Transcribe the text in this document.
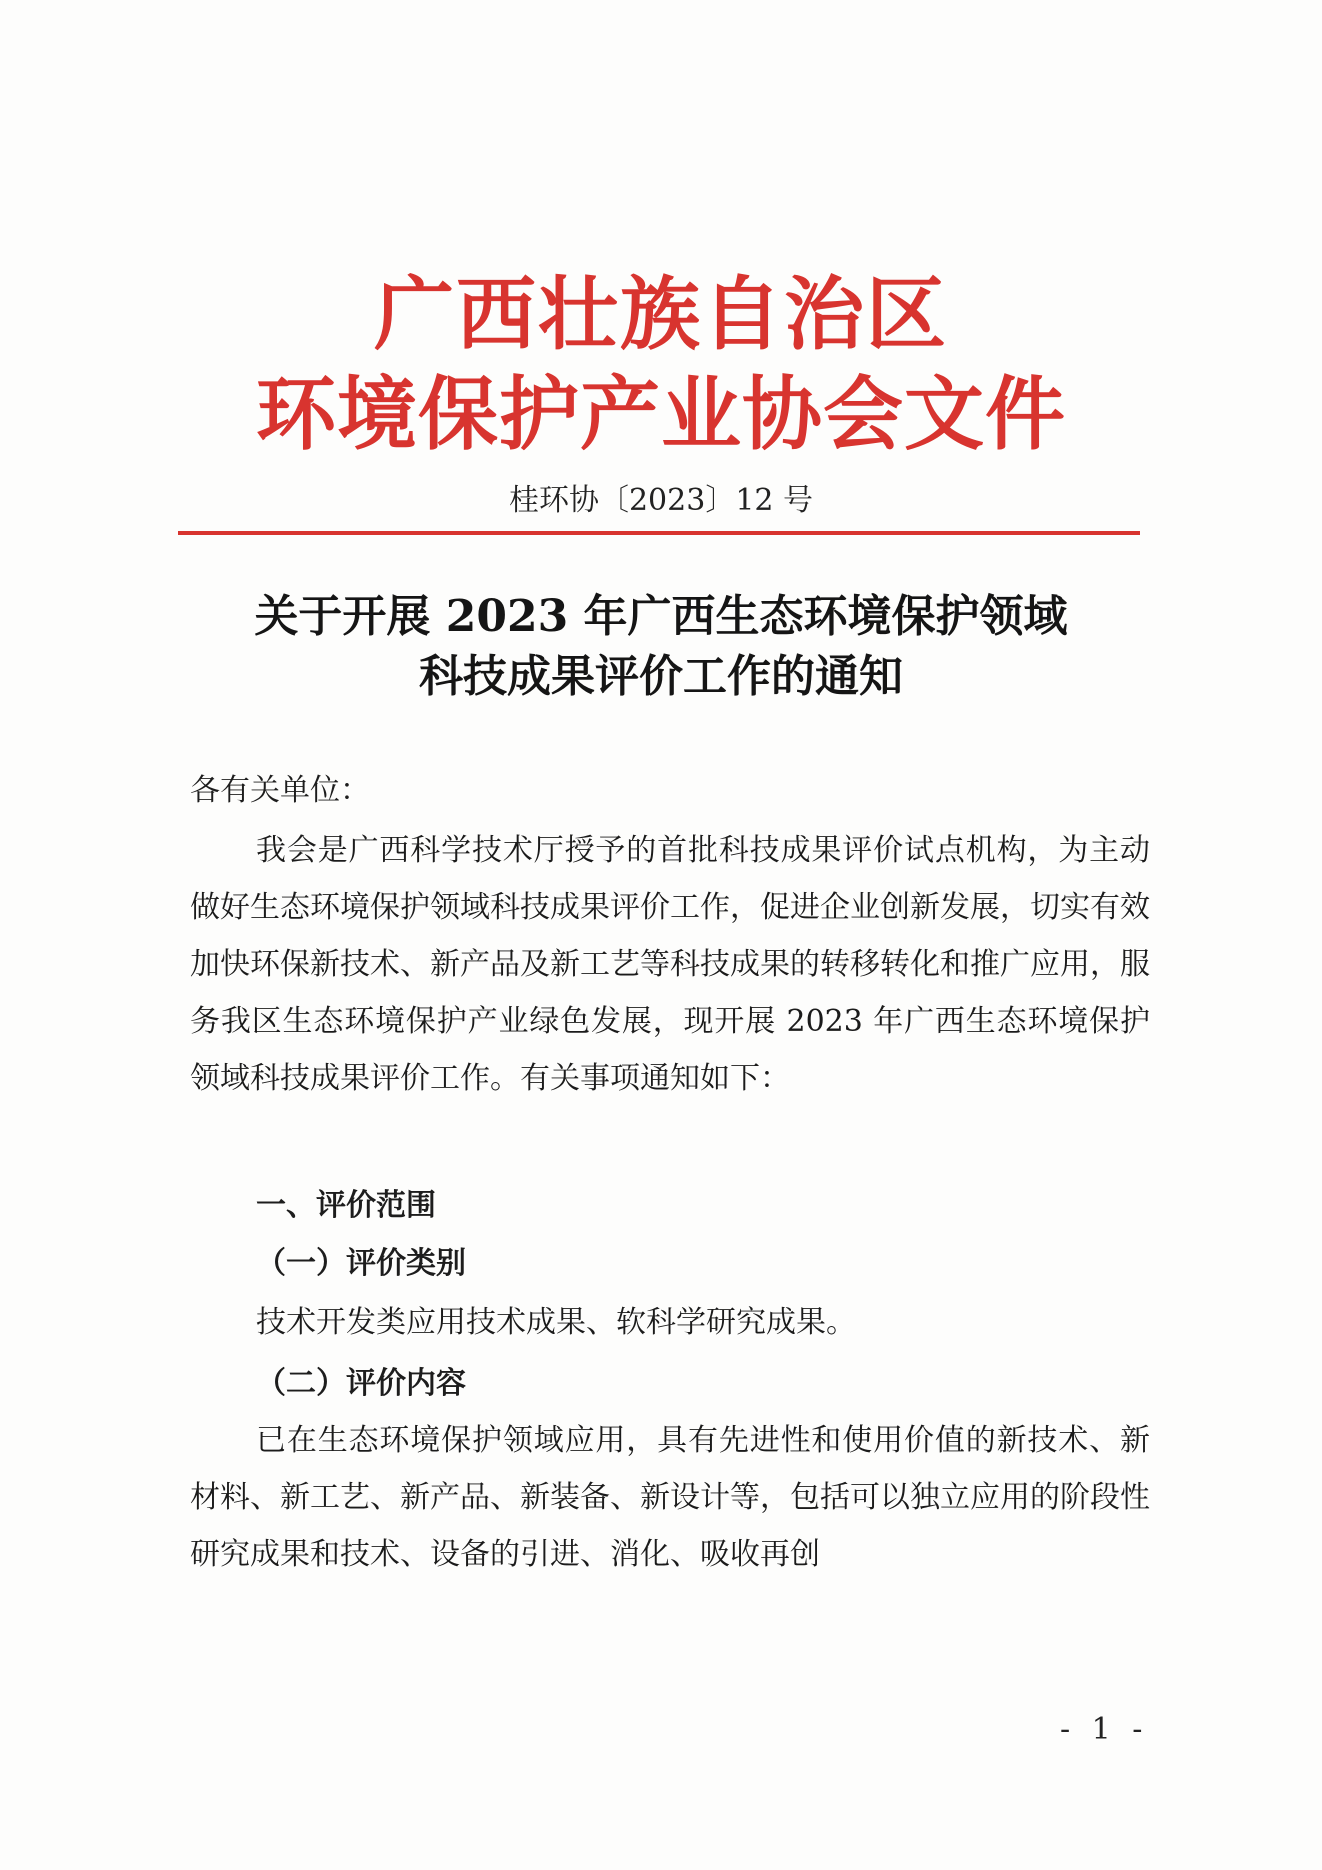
广西壮族自治区
环境保护产业协会文件
桂环协〔2023〕12 号
关于开展 2023 年广西生态环境保护领域
科技成果评价工作的通知
各有关单位：

我会是广西科学技术厅授予的首批科技成果评价试点机构，为主动做好生态环境保护领域科技成果评价工作，促进企业创新发展，切实有效加快环保新技术、新产品及新工艺等科技成果的转移转化和推广应用，服务我区生态环境保护产业绿色发展，现开展 2023 年广西生态环境保护领域科技成果评价工作。有关事项通知如下：

一、评价范围
（一）评价类别

技术开发类应用技术成果、软科学研究成果。

（二）评价内容

已在生态环境保护领域应用，具有先进性和使用价值的新技术、新材料、新工艺、新产品、新装备、新设计等，包括可以独立应用的阶段性研究成果和技术、设备的引进、消化、吸收再创

- 1 -
